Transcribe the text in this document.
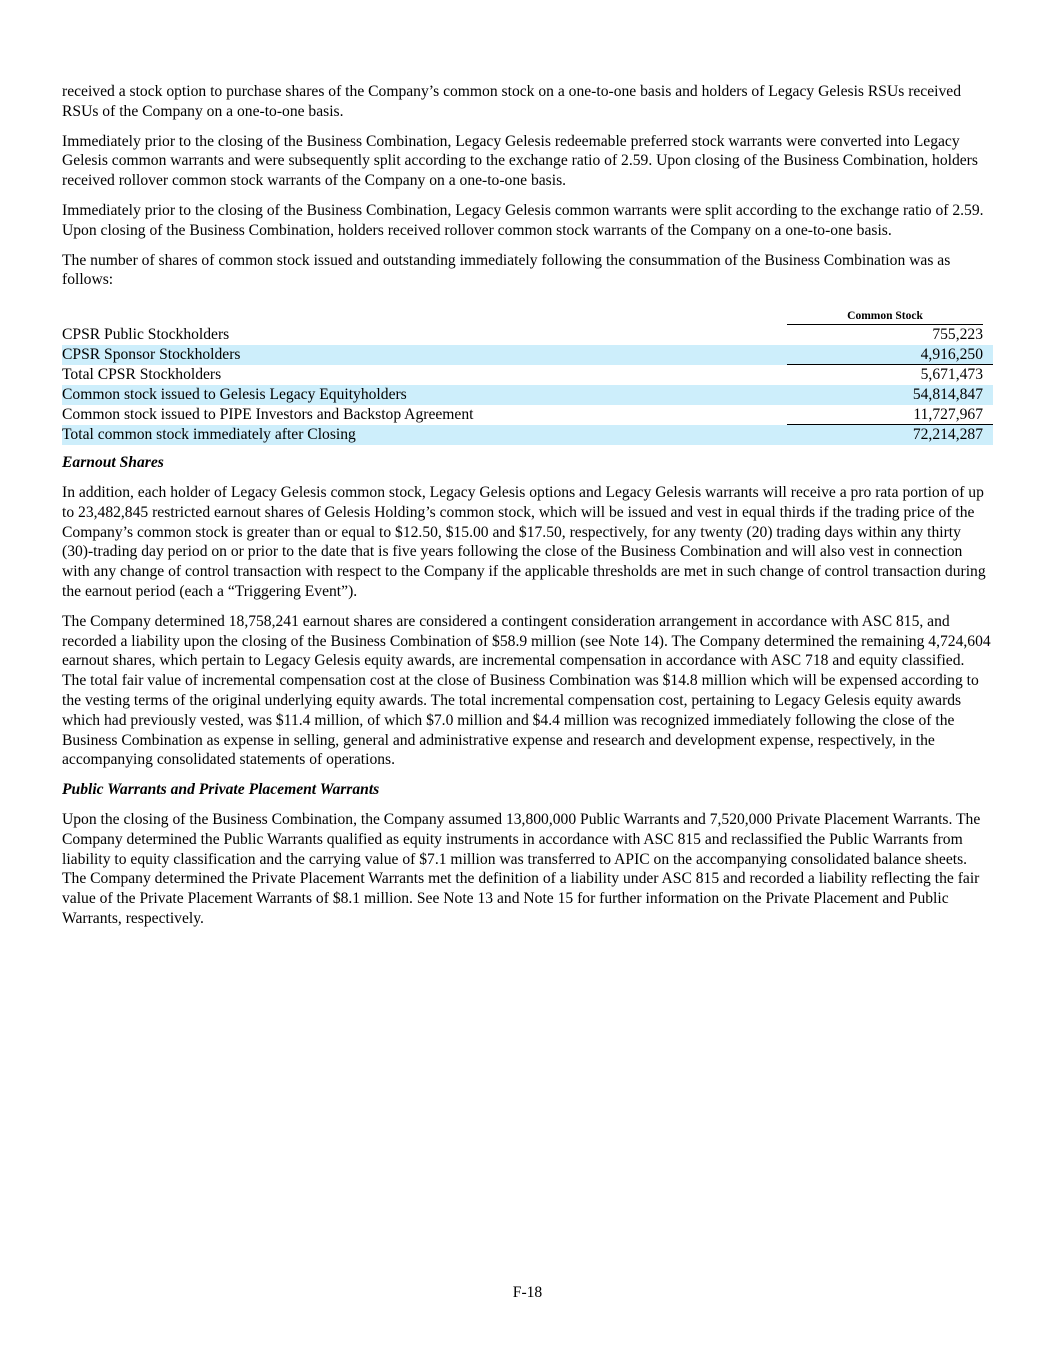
received a stock option to purchase shares of the Company’s common stock on a one-to-one basis and holders of Legacy Gelesis RSUs received RSUs of the Company on a one-to-one basis.

Immediately prior to the closing of the Business Combination, Legacy Gelesis redeemable preferred stock warrants were converted into Legacy Gelesis common warrants and were subsequently split according to the exchange ratio of 2.59. Upon closing of the Business Combination, holders received rollover common stock warrants of the Company on a one-to-one basis.

Immediately prior to the closing of the Business Combination, Legacy Gelesis common warrants were split according to the exchange ratio of 2.59. Upon closing of the Business Combination, holders received rollover common stock warrants of the Company on a one-to-one basis.

The number of shares of common stock issued and outstanding immediately following the consummation of the Business Combination was as follows:

	Common Stock

CPSR Public Stockholders	755,223
CPSR Sponsor Stockholders	4,916,250
Total CPSR Stockholders	5,671,473
Common stock issued to Gelesis Legacy Equityholders	54,814,847
Common stock issued to PIPE Investors and Backstop Agreement	11,727,967
Total common stock immediately after Closing	72,214,287
Earnout Shares

In addition, each holder of Legacy Gelesis common stock, Legacy Gelesis options and Legacy Gelesis warrants will receive a pro rata portion of up to 23,482,845 restricted earnout shares of Gelesis Holding’s common stock, which will be issued and vest in equal thirds if the trading price of the Company’s common stock is greater than or equal to $12.50, $15.00 and $17.50, respectively, for any twenty (20) trading days within any thirty (30)-trading day period on or prior to the date that is five years following the close of the Business Combination and will also vest in connection with any change of control transaction with respect to the Company if the applicable thresholds are met in such change of control transaction during the earnout period (each a “Triggering Event”).

The Company determined 18,758,241 earnout shares are considered a contingent consideration arrangement in accordance with ASC 815, and recorded a liability upon the closing of the Business Combination of $58.9 million (see Note 14). The Company determined the remaining 4,724,604 earnout shares, which pertain to Legacy Gelesis equity awards, are incremental compensation in accordance with ASC 718 and equity classified. The total fair value of incremental compensation cost at the close of Business Combination was $14.8 million which will be expensed according to the vesting terms of the original underlying equity awards. The total incremental compensation cost, pertaining to Legacy Gelesis equity awards which had previously vested, was $11.4 million, of which $7.0 million and $4.4 million was recognized immediately following the close of the Business Combination as expense in selling, general and administrative expense and research and development expense, respectively, in the accompanying consolidated statements of operations.

Public Warrants and Private Placement Warrants

Upon the closing of the Business Combination, the Company assumed 13,800,000 Public Warrants and 7,520,000 Private Placement Warrants. The Company determined the Public Warrants qualified as equity instruments in accordance with ASC 815 and reclassified the Public Warrants from liability to equity classification and the carrying value of $7.1 million was transferred to APIC on the accompanying consolidated balance sheets. The Company determined the Private Placement Warrants met the definition of a liability under ASC 815 and recorded a liability reflecting the fair value of the Private Placement Warrants of $8.1 million. See Note 13 and Note 15 for further information on the Private Placement and Public Warrants, respectively.

F-18
